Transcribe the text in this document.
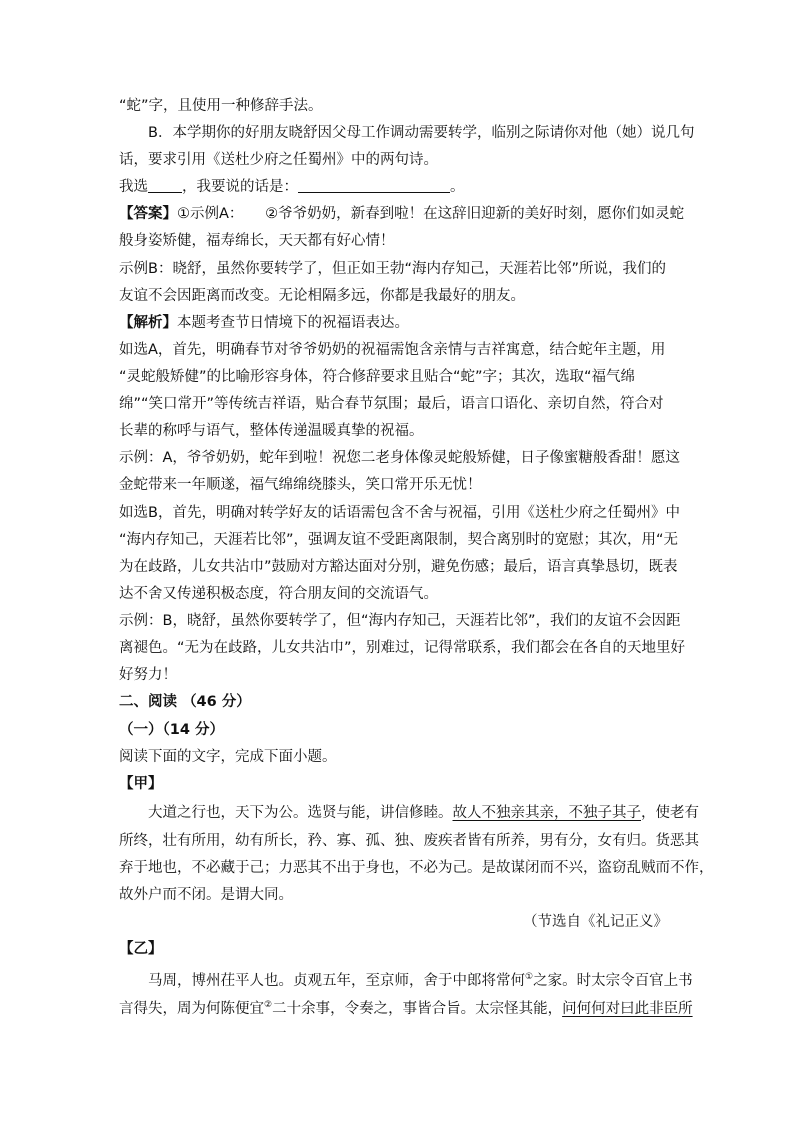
“蛇”字，且使用一种修辞手法。
B．本学期你的好朋友晓舒因父母工作调动需要转学，临别之际请你对他（她）说几句
话，要求引用《送杜少府之任蜀州》中的两句诗。
我选 ，我要说的话是：	。
【答案】①示例A：　　②爷爷奶奶，新春到啦！在这辞旧迎新的美好时刻，愿你们如灵蛇
般身姿矫健，福寿绵长，天天都有好心情！
示例B：晓舒，虽然你要转学了，但正如王勃“海内存知己，天涯若比邻”所说，我们的
友谊不会因距离而改变。无论相隔多远，你都是我最好的朋友。
【解析】本题考查节日情境下的祝福语表达。
如选A，首先，明确春节对爷爷奶奶的祝福需饱含亲情与吉祥寓意，结合蛇年主题，用
“灵蛇般矫健”的比喻形容身体，符合修辞要求且贴合“蛇”字；其次，选取“福气绵
绵”“笑口常开”等传统吉祥语，贴合春节氛围；最后，语言口语化、亲切自然，符合对
长辈的称呼与语气，整体传递温暖真挚的祝福。
示例：A，爷爷奶奶，蛇年到啦！祝您二老身体像灵蛇般矫健，日子像蜜糖般香甜！愿这
金蛇带来一年顺遂，福气绵绵绕膝头，笑口常开乐无忧！
如选B，首先，明确对转学好友的话语需包含不舍与祝福，引用《送杜少府之任蜀州》中
“海内存知己，天涯若比邻”，强调友谊不受距离限制，契合离别时的宽慰；其次，用“无
为在歧路，儿女共沾巾”鼓励对方豁达面对分别，避免伤感；最后，语言真挚恳切，既表
达不舍又传递积极态度，符合朋友间的交流语气。
示例：B，晓舒，虽然你要转学了，但“海内存知己，天涯若比邻”，我们的友谊不会因距
离褪色。“无为在歧路，儿女共沾巾”，别难过，记得常联系，我们都会在各自的天地里好
好努力！
二、阅读 （46 分）
（一）（14 分）
阅读下面的文字，完成下面小题。
【甲】
大道之行也，天下为公。选贤与能，讲信修睦。故人不独亲其亲，不独子其子，使老有
所终，壮有所用，幼有所长，矜、寡、孤、独、废疾者皆有所养，男有分，女有归。货恶其
弃于地也，不必藏于己；力恶其不出于身也，不必为己。是故谋闭而不兴，盗窃乱贼而不作，
故外户而不闭。是谓大同。
（节选自《礼记正义》
【乙】
马周，博州茌平人也。贞观五年，至京师，舍于中郎将常何①之家。时太宗令百官上书
言得失，周为何陈便宜②二十余事，令奏之，事皆合旨。太宗怪其能，问何何对曰此非臣所
